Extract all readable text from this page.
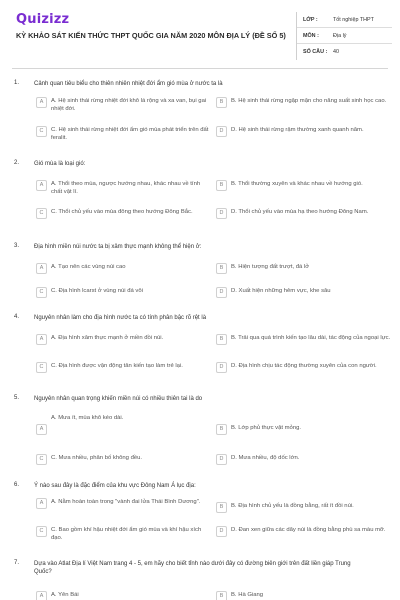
Quizizz
KỲ KHẢO SÁT KIẾN THỨC THPT QUỐC GIA NĂM 2020 MÔN ĐỊA LÝ (ĐỀ SỐ 5)
LỚP :	Tốt nghiệp THPT
MÔN :	Địa lý
SỐ CÂU :	40
1. Cảnh quan tiêu biểu cho thiên nhiên nhiệt đới ẩm gió mùa ở nước ta là
A	A. Hệ sinh thái rừng nhiệt đới khô lá rộng và xa van, bụi gai nhiệt đới.
B	B. Hệ sinh thái rừng ngập mặn cho năng suất sinh học cao.
C	C. Hệ sinh thái rừng nhiệt đới ẩm gió mùa phát triển trên đất feralit.
D	D. Hệ sinh thái rừng rậm thường xanh quanh năm.
2. Gió mùa là loại gió:
A	A. Thổi theo mùa, ngược hướng nhau, khác nhau về tính chất vật lí.
B	B. Thổi thường xuyên và khác nhau về hướng gió.
C	C. Thổi chủ yếu vào mùa đông theo hướng Đông Bắc.	D	D. Thổi chủ yếu vào mùa hạ theo hướng Đông Nam.
3. Địa hình miền núi nước ta bị xâm thực mạnh không thể hiện ở:
A	A. Tạo nên các vùng núi cao	B	B. Hiện tượng đất trượt, đá lở
C	C. Địa hình lcarst ở vùng núi đá vôi	D	D. Xuất hiện những hẻm vực, khe sâu
4. Nguyên nhân làm cho địa hình nước ta có tính phân bậc rõ rệt là
A	A. Địa hình xâm thực mạnh ở miền đồi núi.	B	B. Trải qua quá trình kiến tạo lâu dài, tác động của ngoại lực.
C	C. Địa hình được vận động tân kiến tạo làm trẻ lại.	D	D. Địa hình chịu tác động thường xuyên của con người.
5. Nguyên nhân quan trọng khiến miền núi có nhiều thiên tai là do
A
A. Mưa ít, mùa khô kéo dài.
B	B. Lớp phủ thực vật mỏng.
C	C. Mưa nhiều, phân bố không đều.	D	D. Mưa nhiều, độ dốc lớn.
6. Ý nào sau đây là đặc điểm của khu vực Đông Nam Á lục địa:
A	A. Nằm hoàn toàn trong "vành đai lửa Thái Bình Dương".
B	B. Địa hình chủ yếu là đồng bằng, rất ít đồi núi.
C	C. Bao gồm khí hậu nhiệt đới ẩm gió mùa và khí hậu xích đạo.
D	D. Đan xen giữa các dãy núi là đồng bằng phù sa màu mỡ.
7. Dựa vào Atlat Địa lí Việt Nam trang 4 - 5, em hãy cho biết tỉnh nào dưới đây có đường biên giới trên đất liền giáp Trung Quốc?
A	A. Yên Bái	B	B. Hà Giang
